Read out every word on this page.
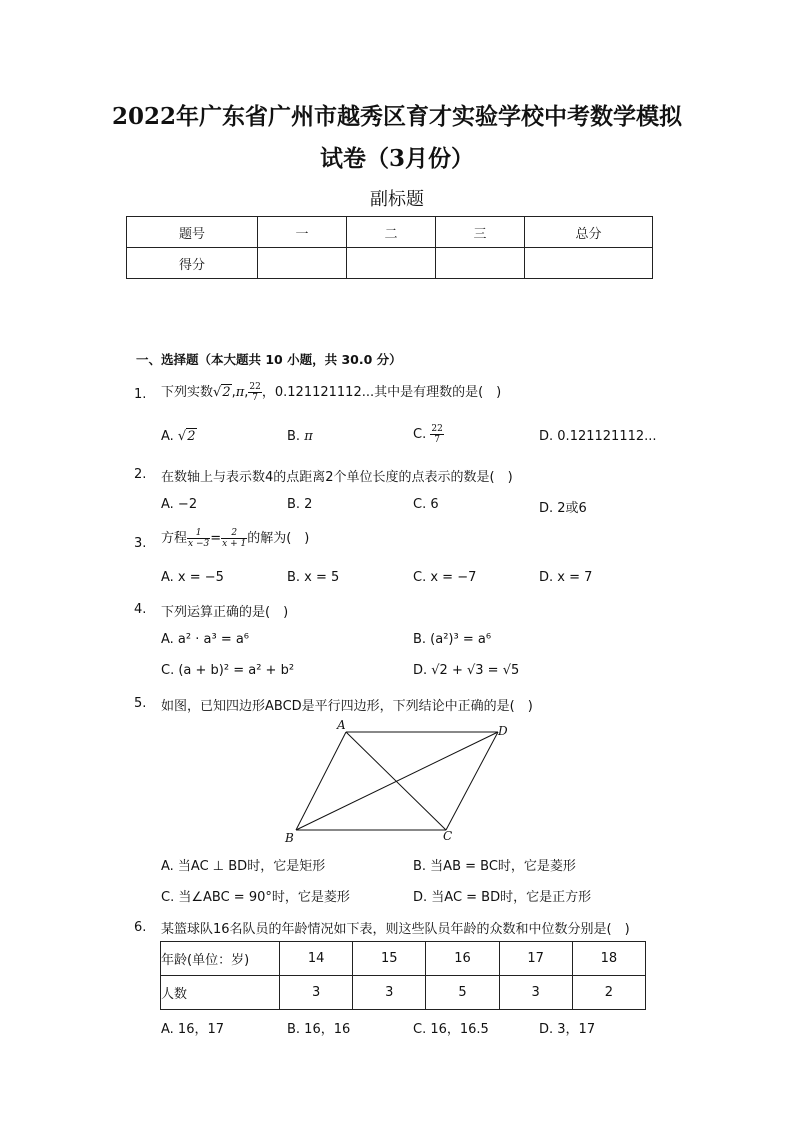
2022年广东省广州市越秀区育才实验学校中考数学模拟
试卷（3月份）
副标题
题号	一	二	三	总分
得分				
一、选择题（本大题共 10 小题，共 30.0 分）
1. 下列实数√2,π, $\frac{22}{7}$ ，0.121121112...其中是有理数的是(　)
A. √2	B. π	C. $\frac{22}{7}$	D. 0.121121112...
2. 在数轴上与表示数4的点距离2个单位长度的点表示的数是(　)
A. −2	B. 2	C. 6	D. 2或6
3. 方程 $\frac{1}{x -3} = \frac{2}{x + 1}$ 的解为(　)
A. x = −5	B. x = 5	C. x = −7	D. x = 7
4. 下列运算正确的是(　)
A. a² · a³ = a⁶	B. (a²)³ = a⁶
C. (a + b)² = a² + b²	D. √2 + √3 = √5
5. 如图，已知四边形ABCD是平行四边形，下列结论中正确的是(　)
A
B	C
D
A. 当AC ⊥ BD时，它是矩形	B. 当AB = BC时，它是菱形
C. 当∠ABC = 90°时，它是菱形	D. 当AC = BD时，它是正方形
6. 某篮球队16名队员的年龄情况如下表，则这些队员年龄的众数和中位数分别是(　)
年龄(单位：岁)	14	15	16	17	18
人数	3	3	5	3	2
A. 16，17	B. 16，16	C. 16，16.5	D. 3，17
